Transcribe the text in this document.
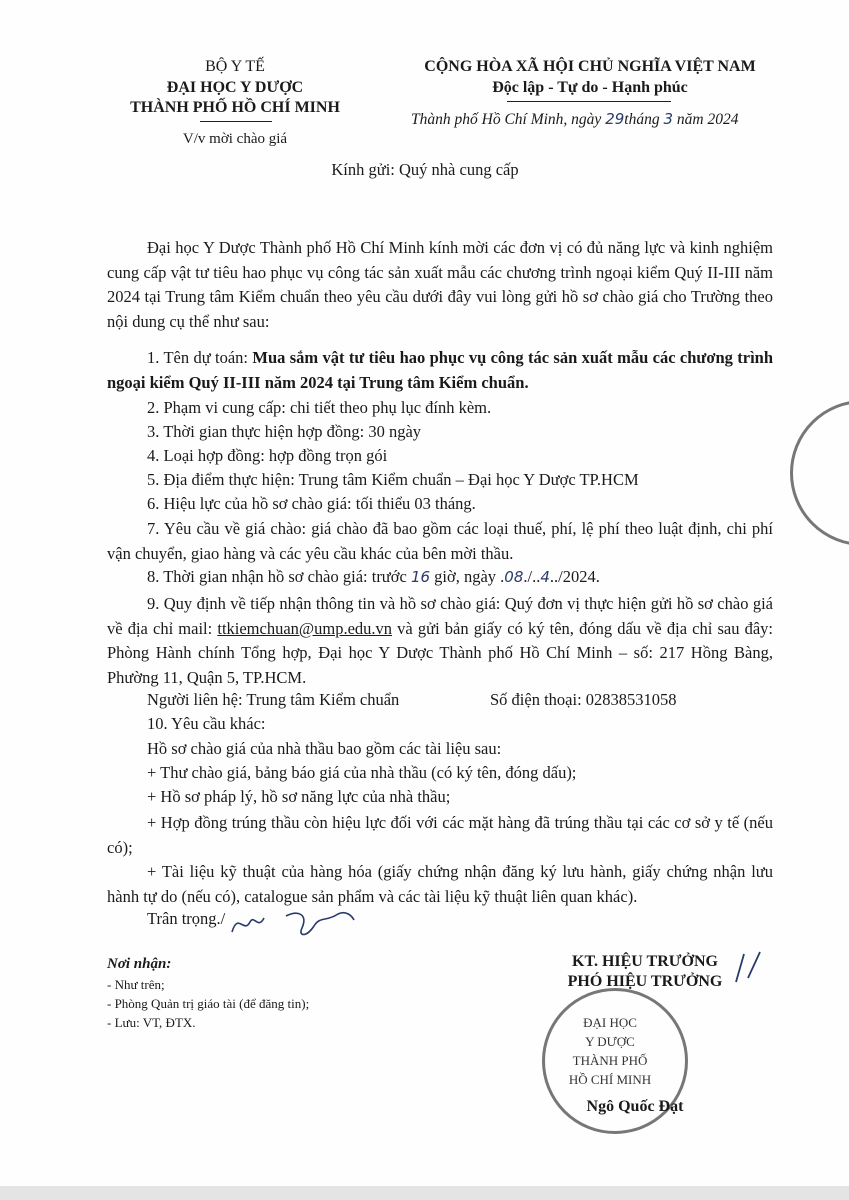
BỘ Y TẾ
ĐẠI HỌC Y DƯỢC
THÀNH PHỐ HỒ CHÍ MINH
V/v mời chào giá
CỘNG HÒA XÃ HỘI CHỦ NGHĨA VIỆT NAM
Độc lập - Tự do - Hạnh phúc
Thành phố Hồ Chí Minh, ngày 29tháng 3 năm 2024
Kính gửi: Quý nhà cung cấp
Đại học Y Dược Thành phố Hồ Chí Minh kính mời các đơn vị có đủ năng lực và kinh nghiệm cung cấp vật tư tiêu hao phục vụ công tác sản xuất mẫu các chương trình ngoại kiểm Quý II-III năm 2024 tại Trung tâm Kiểm chuẩn theo yêu cầu dưới đây vui lòng gửi hồ sơ chào giá cho Trường theo nội dung cụ thể như sau:
1. Tên dự toán: Mua sắm vật tư tiêu hao phục vụ công tác sản xuất mẫu các chương trình ngoại kiểm Quý II-III năm 2024 tại Trung tâm Kiểm chuẩn.
2. Phạm vi cung cấp: chi tiết theo phụ lục đính kèm.
3. Thời gian thực hiện hợp đồng: 30 ngày
4. Loại hợp đồng: hợp đồng trọn gói
5. Địa điểm thực hiện: Trung tâm Kiểm chuẩn – Đại học Y Dược TP.HCM
6. Hiệu lực của hồ sơ chào giá: tối thiểu 03 tháng.
7. Yêu cầu về giá chào: giá chào đã bao gồm các loại thuế, phí, lệ phí theo luật định, chi phí vận chuyển, giao hàng và các yêu cầu khác của bên mời thầu.
8. Thời gian nhận hồ sơ chào giá: trước 16 giờ, ngày .08./..4../2024.
9. Quy định về tiếp nhận thông tin và hồ sơ chào giá: Quý đơn vị thực hiện gửi hồ sơ chào giá về địa chỉ mail: ttkiemchuan@ump.edu.vn và gửi bản giấy có ký tên, đóng dấu về địa chỉ sau đây: Phòng Hành chính Tổng hợp, Đại học Y Dược Thành phố Hồ Chí Minh – số: 217 Hồng Bàng, Phường 11, Quận 5, TP.HCM.
Người liên hệ: Trung tâm Kiểm chuẩn	Số điện thoại: 02838531058
10. Yêu cầu khác:
Hồ sơ chào giá của nhà thầu bao gồm các tài liệu sau:
+ Thư chào giá, bảng báo giá của nhà thầu (có ký tên, đóng dấu);
+ Hồ sơ pháp lý, hồ sơ năng lực của nhà thầu;
+ Hợp đồng trúng thầu còn hiệu lực đối với các mặt hàng đã trúng thầu tại các cơ sở y tế (nếu có);
+ Tài liệu kỹ thuật của hàng hóa (giấy chứng nhận đăng ký lưu hành, giấy chứng nhận lưu hành tự do (nếu có), catalogue sản phẩm và các tài liệu kỹ thuật liên quan khác).
Trân trọng./
Nơi nhận:
- Như trên;
- Phòng Quản trị giáo tài (để đăng tin);
- Lưu: VT, ĐTX.
KT. HIỆU TRƯỞNG
PHÓ HIỆU TRƯỞNG
ĐẠI HỌC
Y DƯỢC
THÀNH PHỐ
HỒ CHÍ MINH
Ngô Quốc Đạt
